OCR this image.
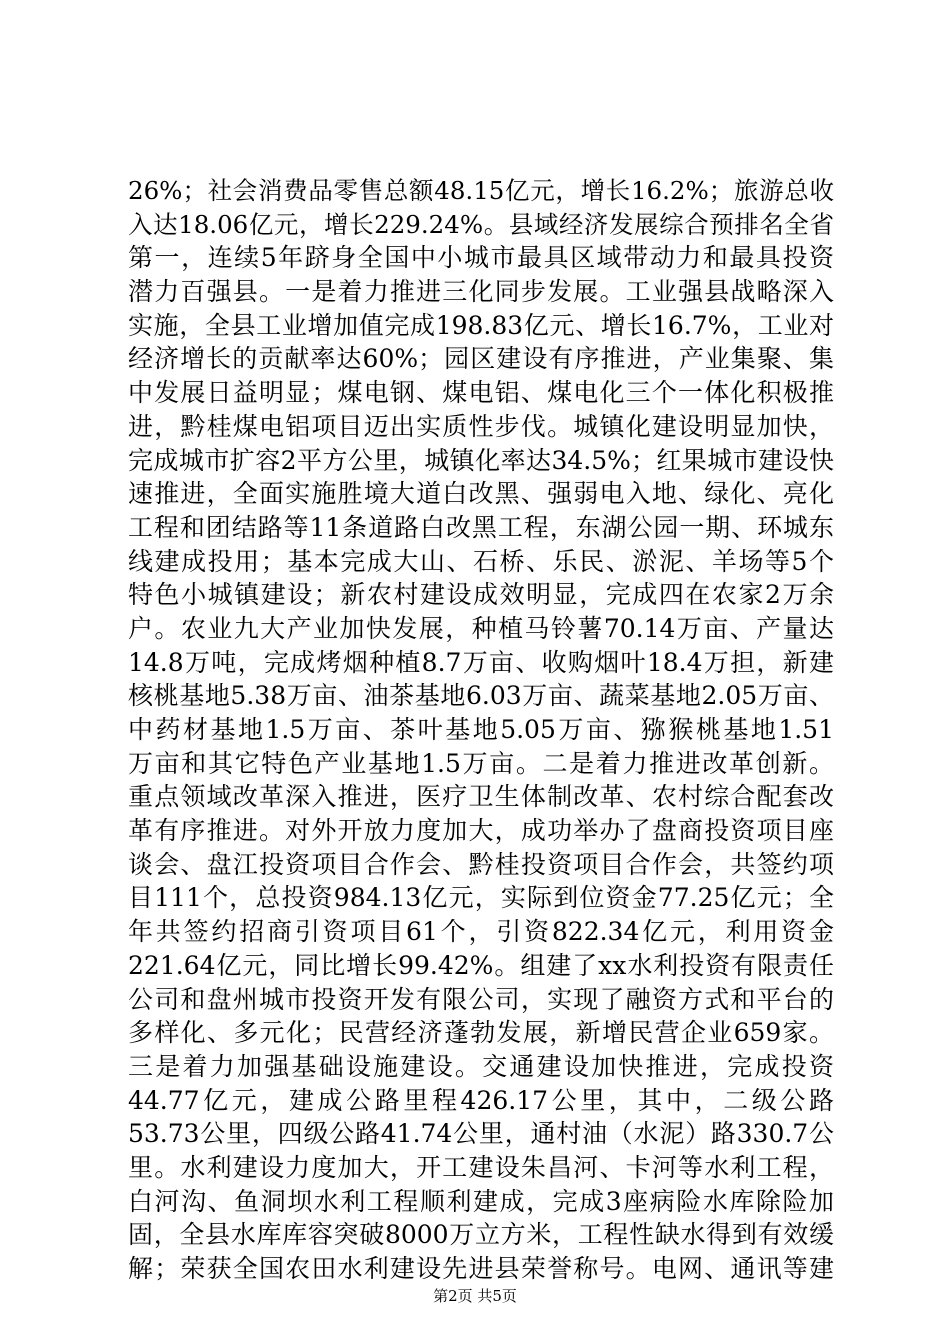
26%；社会消费品零售总额48.15亿元，增长16.2%；旅游总收
入达18.06亿元，增长229.24%。县域经济发展综合预排名全省
第一，连续5年跻身全国中小城市最具区域带动力和最具投资
潜力百强县。一是着力推进三化同步发展。工业强县战略深入
实施，全县工业增加值完成198.83亿元、增长16.7%，工业对
经济增长的贡献率达60%；园区建设有序推进，产业集聚、集
中发展日益明显；煤电钢、煤电铝、煤电化三个一体化积极推
进，黔桂煤电铝项目迈出实质性步伐。城镇化建设明显加快，
完成城市扩容2平方公里，城镇化率达34.5%；红果城市建设快
速推进，全面实施胜境大道白改黑、强弱电入地、绿化、亮化
工程和团结路等11条道路白改黑工程，东湖公园一期、环城东
线建成投用；基本完成大山、石桥、乐民、淤泥、羊场等5个
特色小城镇建设；新农村建设成效明显，完成四在农家2万余
户。农业九大产业加快发展，种植马铃薯70.14万亩、产量达
14.8万吨，完成烤烟种植8.7万亩、收购烟叶18.4万担，新建
核桃基地5.38万亩、油茶基地6.03万亩、蔬菜基地2.05万亩、
中药材基地1.5万亩、茶叶基地5.05万亩、猕猴桃基地1.51
万亩和其它特色产业基地1.5万亩。二是着力推进改革创新。
重点领域改革深入推进，医疗卫生体制改革、农村综合配套改
革有序推进。对外开放力度加大，成功举办了盘商投资项目座
谈会、盘江投资项目合作会、黔桂投资项目合作会，共签约项
目111个，总投资984.13亿元，实际到位资金77.25亿元；全
年共签约招商引资项目61个，引资822.34亿元，利用资金
221.64亿元，同比增长99.42%。组建了xx水利投资有限责任
公司和盘州城市投资开发有限公司，实现了融资方式和平台的
多样化、多元化；民营经济蓬勃发展，新增民营企业659家。
三是着力加强基础设施建设。交通建设加快推进，完成投资
44.77亿元，建成公路里程426.17公里，其中，二级公路
53.73公里，四级公路41.74公里，通村油（水泥）路330.7公
里。水利建设力度加大，开工建设朱昌河、卡河等水利工程，
白河沟、鱼洞坝水利工程顺利建成，完成3座病险水库除险加
固，全县水库库容突破8000万立方米，工程性缺水得到有效缓
解；荣获全国农田水利建设先进县荣誉称号。电网、通讯等建
第2页 共5页
